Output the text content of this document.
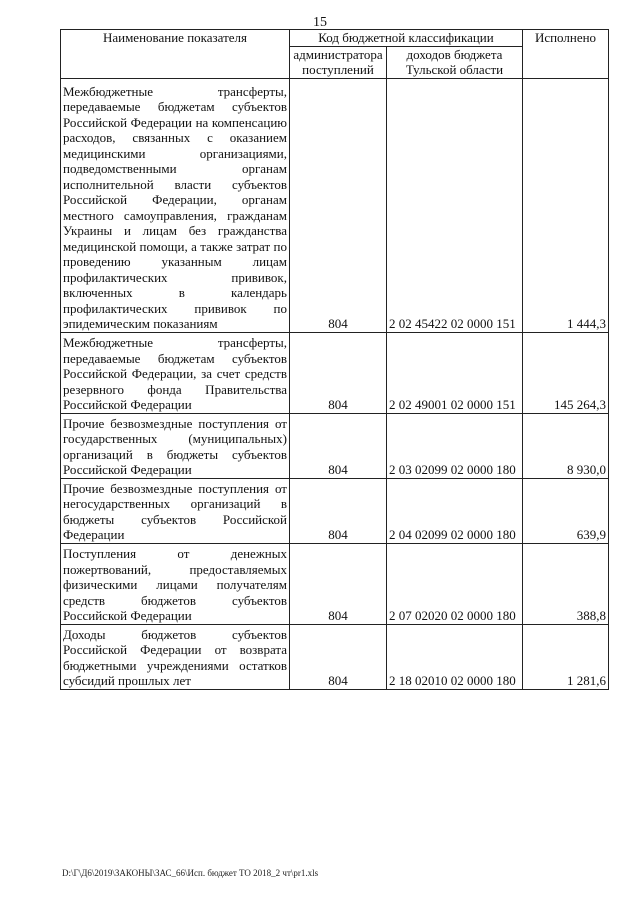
15
Наименование показателя	Код бюджетной классификации		Исполнено
	администратора поступлений	доходов бюджета Тульской области	
Межбюджетные трансферты, передаваемые бюджетам субъектов Российской Федерации на компенсацию расходов, связанных с оказанием медицинскими организациями, подведомственными органам исполнительной власти субъектов Российской Федерации, органам местного самоуправления, гражданам Украины и лицам без гражданства медицинской помощи, а также затрат по проведению указанным лицам профилактических прививок, включенных в календарь профилактических прививок по эпидемическим показаниям	804	2 02 45422 02 0000 151	1 444,3
Межбюджетные трансферты, передаваемые бюджетам субъектов Российской Федерации, за счет средств резервного фонда Правительства Российской Федерации	804	2 02 49001 02 0000 151	145 264,3
Прочие безвозмездные поступления от государственных (муниципальных) организаций в бюджеты субъектов Российской Федерации	804	2 03 02099 02 0000 180	8 930,0
Прочие безвозмездные поступления от негосударственных организаций в бюджеты субъектов Российской Федерации	804	2 04 02099 02 0000 180	639,9
Поступления от денежных пожертвований, предоставляемых физическими лицами получателям средств бюджетов субъектов Российской Федерации	804	2 07 02020 02 0000 180	388,8
Доходы бюджетов субъектов Российской Федерации от возврата бюджетными учреждениями остатков субсидий прошлых лет	804	2 18 02010 02 0000 180	1 281,6
D:\Г\Д6\2019\ЗАКОНЫ\ЗАС_66\Исп. бюджет ТО 2018_2 чт\pr1.xls
